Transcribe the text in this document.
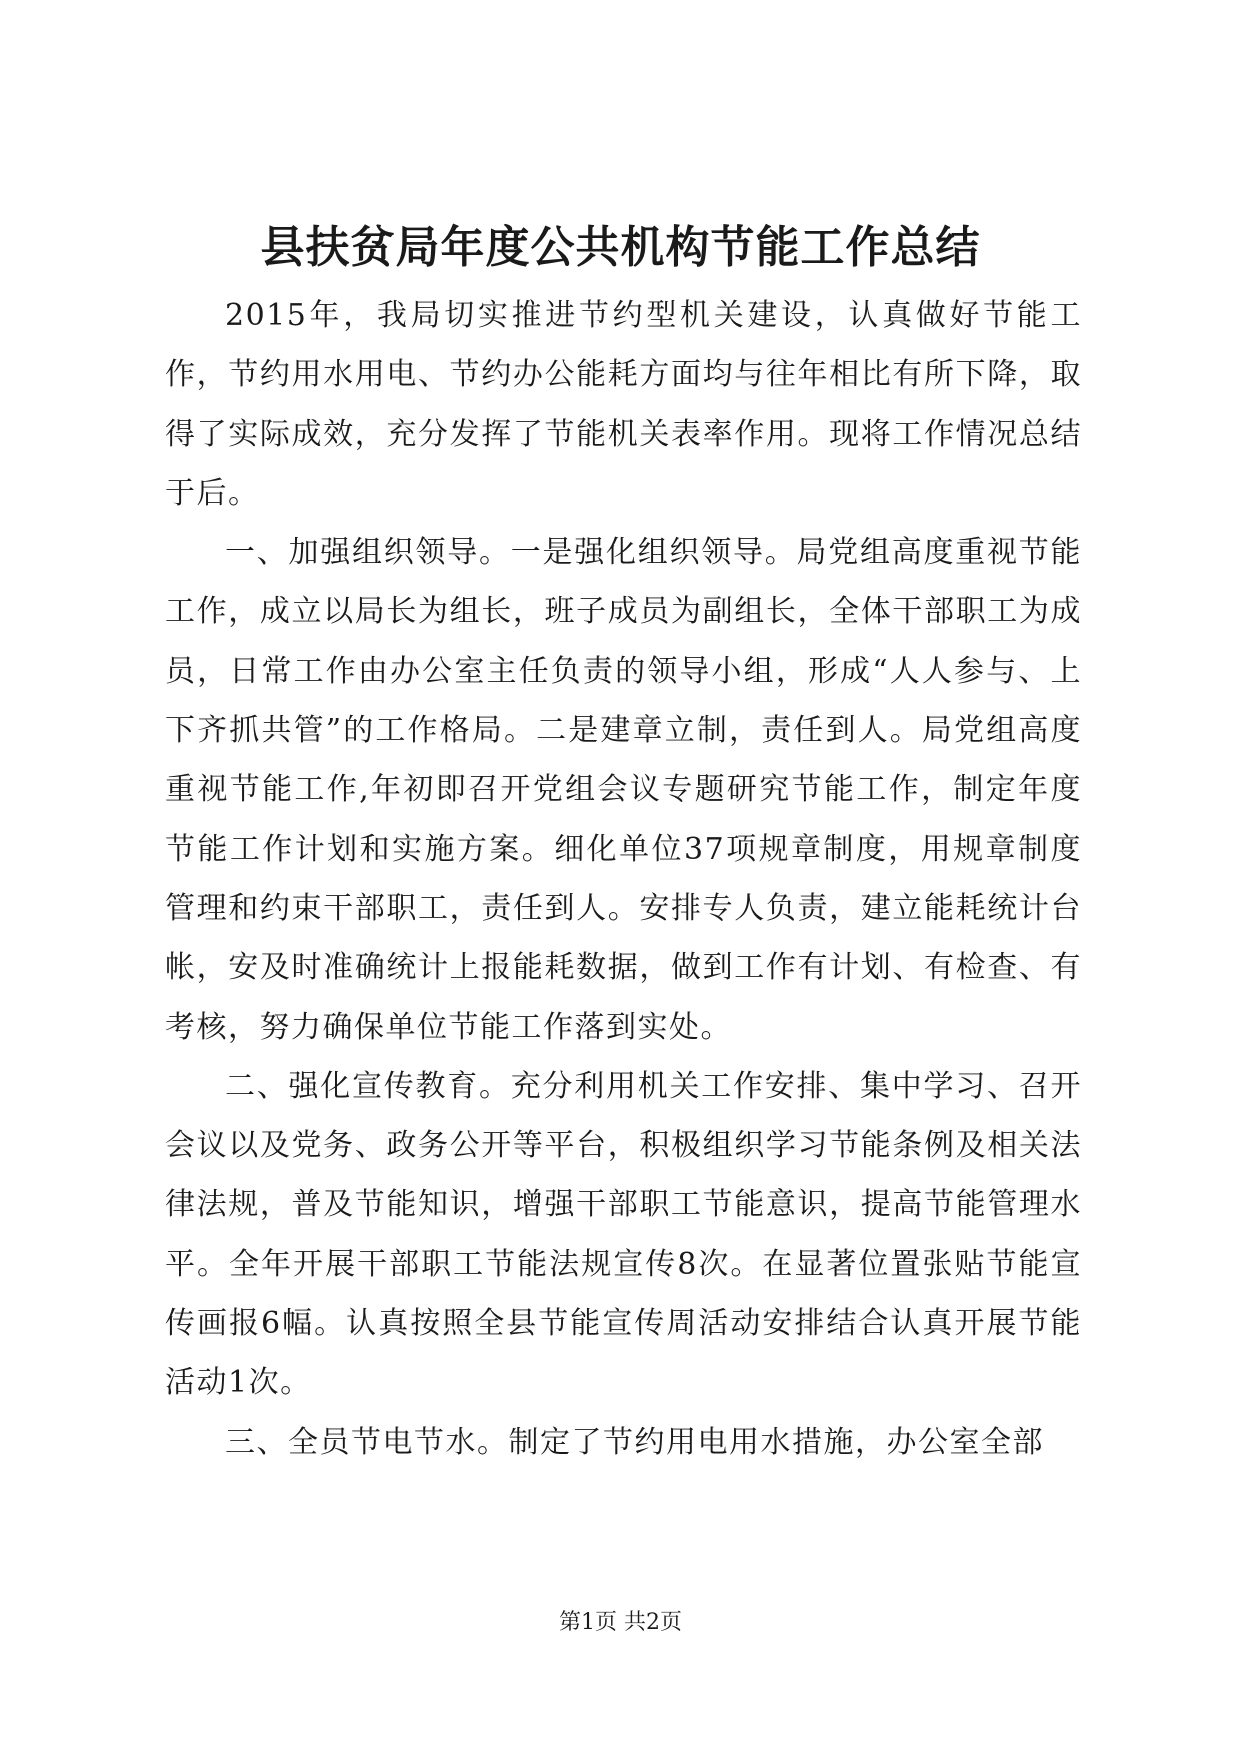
县扶贫局年度公共机构节能工作总结

2015年，我局切实推进节约型机关建设，认真做好节能工作，节约用水用电、节约办公能耗方面均与往年相比有所下降，取得了实际成效，充分发挥了节能机关表率作用。现将工作情况总结于后。

一、加强组织领导。一是强化组织领导。局党组高度重视节能工作，成立以局长为组长，班子成员为副组长，全体干部职工为成员，日常工作由办公室主任负责的领导小组，形成“人人参与、上下齐抓共管”的工作格局。二是建章立制，责任到人。局党组高度重视节能工作,年初即召开党组会议专题研究节能工作，制定年度节能工作计划和实施方案。细化单位37项规章制度，用规章制度管理和约束干部职工，责任到人。安排专人负责，建立能耗统计台帐，安及时准确统计上报能耗数据，做到工作有计划、有检查、有考核，努力确保单位节能工作落到实处。

二、强化宣传教育。充分利用机关工作安排、集中学习、召开会议以及党务、政务公开等平台，积极组织学习节能条例及相关法律法规，普及节能知识，增强干部职工节能意识，提高节能管理水平。全年开展干部职工节能法规宣传8次。在显著位置张贴节能宣传画报6幅。认真按照全县节能宣传周活动安排结合认真开展节能活动1次。

三、全员节电节水。制定了节约用电用水措施，办公室全部

第1页 共2页
